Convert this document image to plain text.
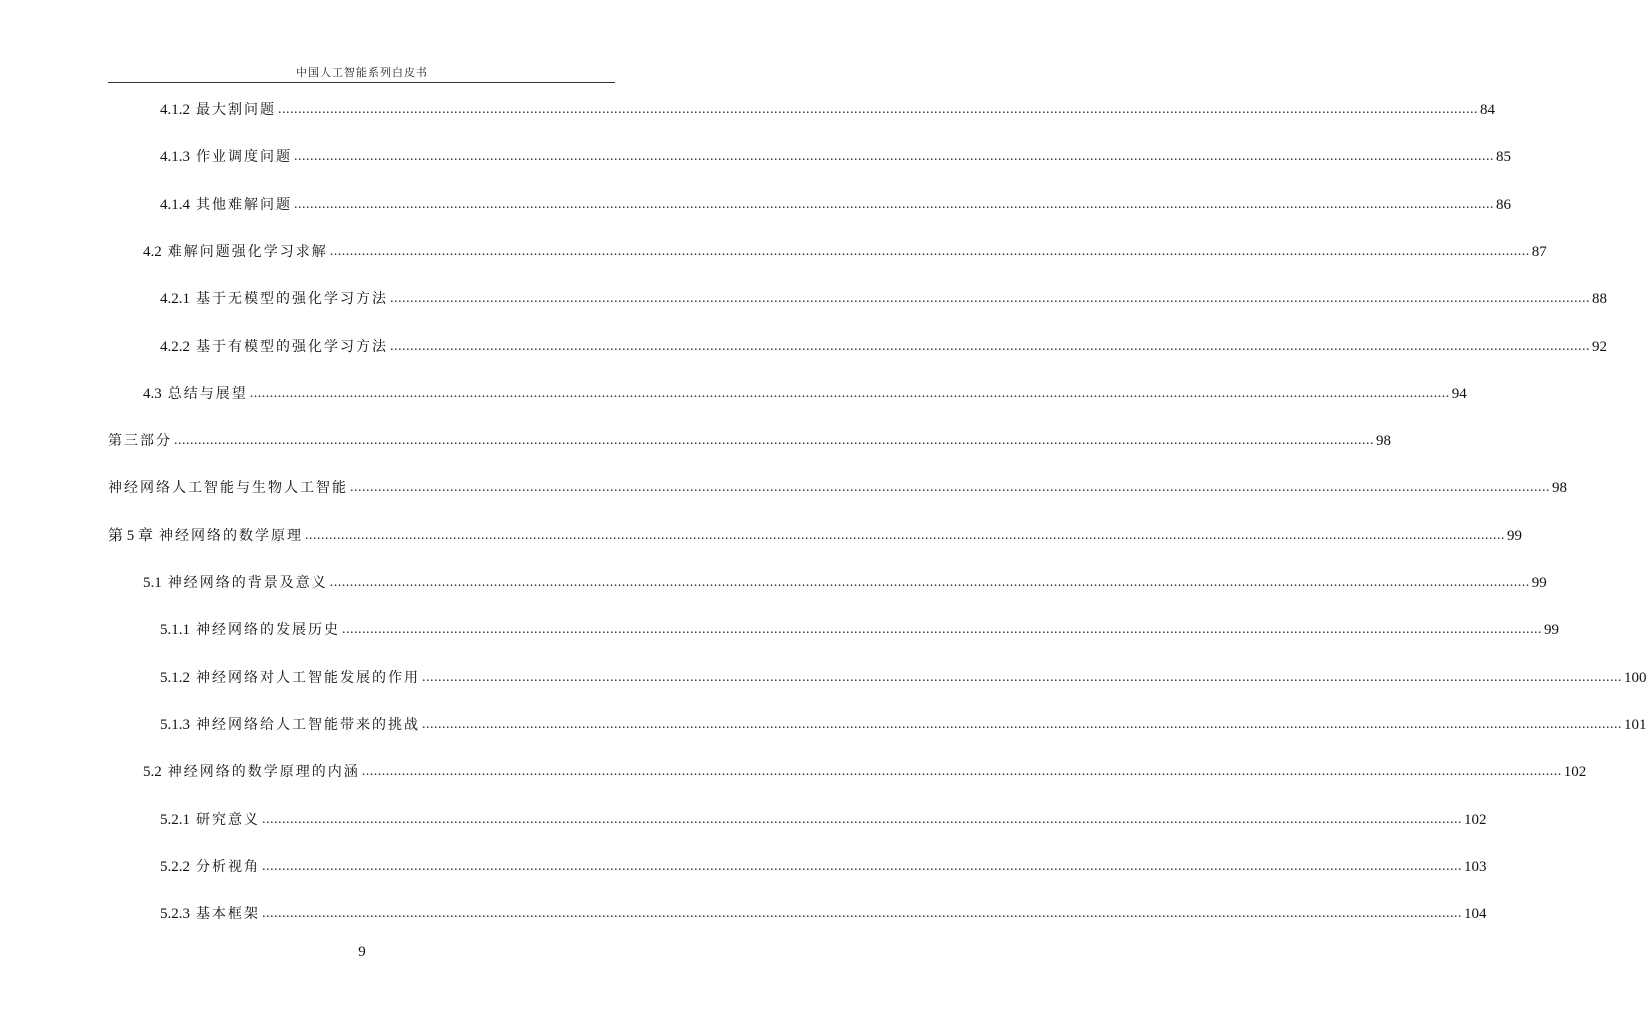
中国人工智能系列白皮书
4.1.2 最大割问题 ............................................................................................................................................................................................................................................................................................................ 84
4.1.3 作业调度问题 ............................................................................................................................................................................................................................................................................................................ 85
4.1.4 其他难解问题 ............................................................................................................................................................................................................................................................................................................ 86
4.2 难解问题强化学习求解 ............................................................................................................................................................................................................................................................................................................ 87
4.2.1 基于无模型的强化学习方法 ............................................................................................................................................................................................................................................................................................................ 88
4.2.2 基于有模型的强化学习方法 ............................................................................................................................................................................................................................................................................................................ 92
4.3 总结与展望 ............................................................................................................................................................................................................................................................................................................ 94
第三部分 ............................................................................................................................................................................................................................................................................................................ 98
神经网络人工智能与生物人工智能 ............................................................................................................................................................................................................................................................................................................ 98
第 5 章 神经网络的数学原理 ............................................................................................................................................................................................................................................................................................................ 99
5.1 神经网络的背景及意义 ............................................................................................................................................................................................................................................................................................................ 99
5.1.1 神经网络的发展历史 ............................................................................................................................................................................................................................................................................................................ 99
5.1.2 神经网络对人工智能发展的作用 ............................................................................................................................................................................................................................................................................................................ 100
5.1.3 神经网络给人工智能带来的挑战 ............................................................................................................................................................................................................................................................................................................ 101
5.2 神经网络的数学原理的内涵 ............................................................................................................................................................................................................................................................................................................ 102
5.2.1 研究意义 ............................................................................................................................................................................................................................................................................................................ 102
5.2.2 分析视角 ............................................................................................................................................................................................................................................................................................................ 103
5.2.3 基本框架 ............................................................................................................................................................................................................................................................................................................ 104
9
